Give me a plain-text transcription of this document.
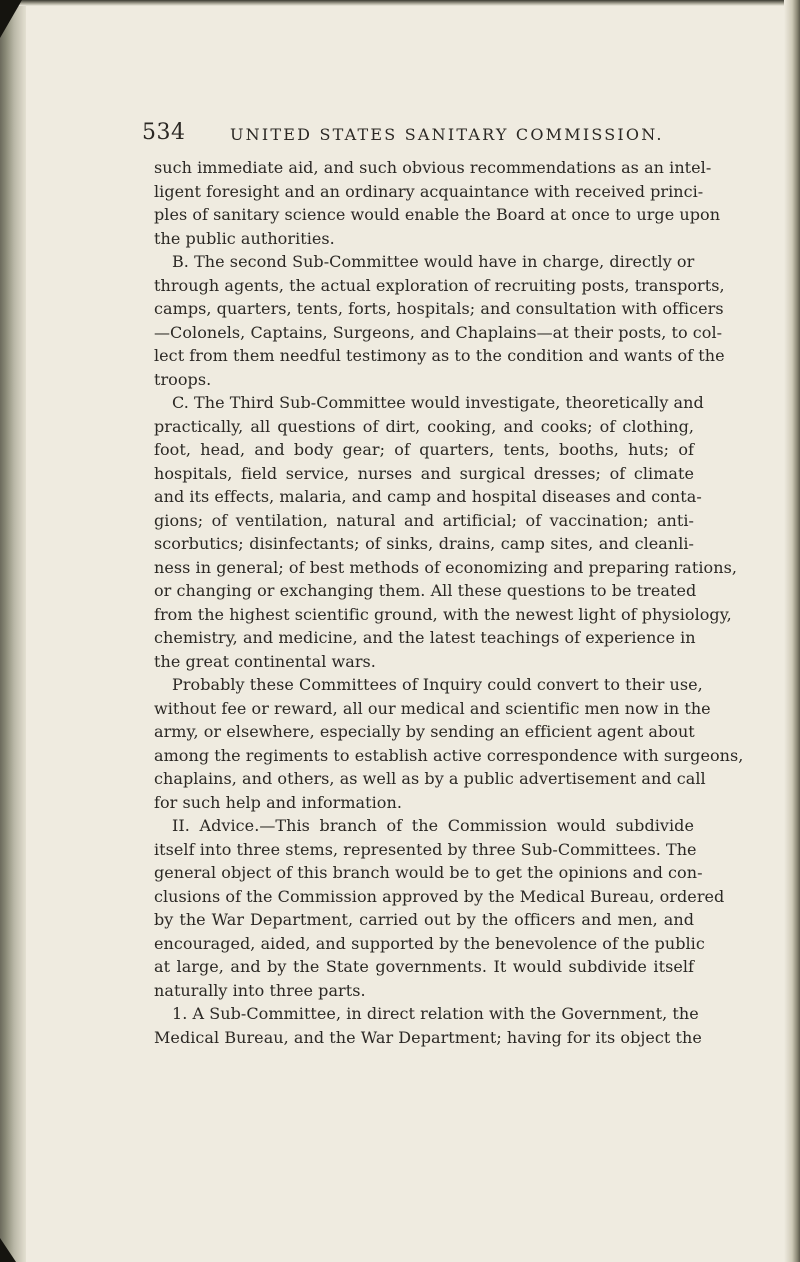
534	UNITED STATES SANITARY COMMISSION.
such immediate aid, and such obvious recommendations as an intel-
ligent foresight and an ordinary acquaintance with received princi-
ples of sanitary science would enable the Board at once to urge upon
the public authorities.
B. The second Sub-Committee would have in charge, directly or
through agents, the actual exploration of recruiting posts, transports,
camps, quarters, tents, forts, hospitals; and consultation with officers
—Colonels, Captains, Surgeons, and Chaplains—at their posts, to col-
lect from them needful testimony as to the condition and wants of the
troops.
C. The Third Sub-Committee would investigate, theoretically and
practically, all questions of dirt, cooking, and cooks; of clothing,
foot, head, and body gear; of quarters, tents, booths, huts; of
hospitals, field service, nurses and surgical dresses; of climate
and its effects, malaria, and camp and hospital diseases and conta-
gions; of ventilation, natural and artificial; of vaccination; anti-
scorbutics; disinfectants; of sinks, drains, camp sites, and cleanli-
ness in general; of best methods of economizing and preparing rations,
or changing or exchanging them. All these questions to be treated
from the highest scientific ground, with the newest light of physiology,
chemistry, and medicine, and the latest teachings of experience in
the great continental wars.
Probably these Committees of Inquiry could convert to their use,
without fee or reward, all our medical and scientific men now in the
army, or elsewhere, especially by sending an efficient agent about
among the regiments to establish active correspondence with surgeons,
chaplains, and others, as well as by a public advertisement and call
for such help and information.
II. Advice.—This branch of the Commission would subdivide
itself into three stems, represented by three Sub-Committees. The
general object of this branch would be to get the opinions and con-
clusions of the Commission approved by the Medical Bureau, ordered
by the War Department, carried out by the officers and men, and
encouraged, aided, and supported by the benevolence of the public
at large, and by the State governments. It would subdivide itself
naturally into three parts.
1. A Sub-Committee, in direct relation with the Government, the
Medical Bureau, and the War Department; having for its object the
